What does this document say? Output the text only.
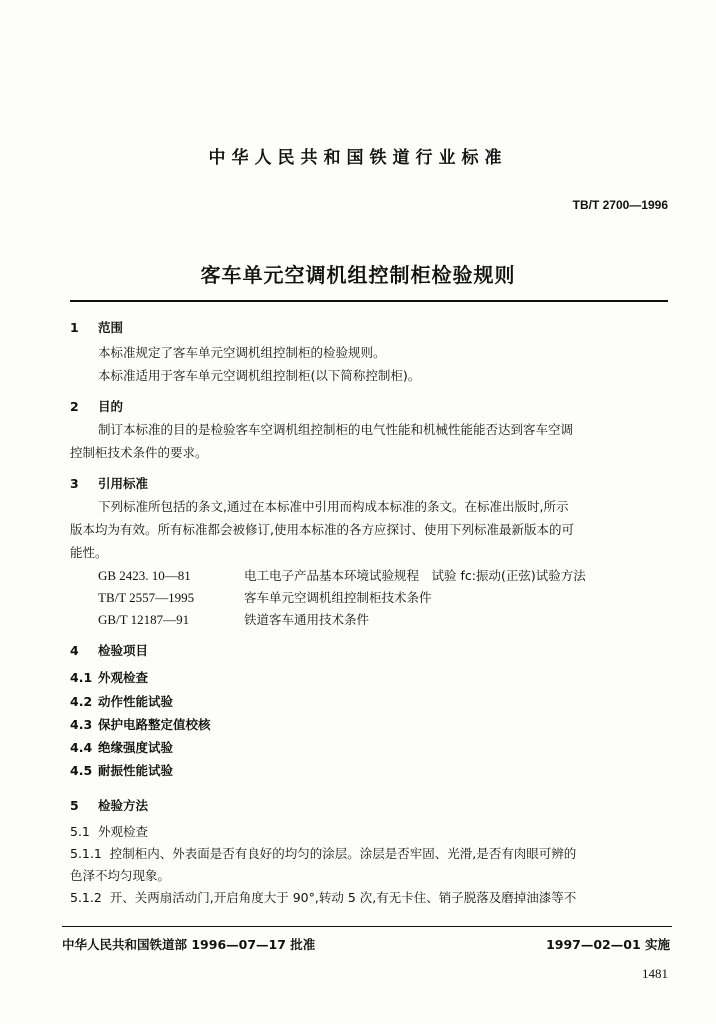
中华人民共和国铁道行业标准
TB/T 2700—1996
客车单元空调机组控制柜检验规则
1 范围
本标准规定了客车单元空调机组控制柜的检验规则。
本标准适用于客车单元空调机组控制柜(以下简称控制柜)。
2 目的
制订本标准的目的是检验客车空调机组控制柜的电气性能和机械性能能否达到客车空调
控制柜技术条件的要求。
3 引用标准
下列标准所包括的条文,通过在本标准中引用而构成本标准的条文。在标准出版时,所示
版本均为有效。所有标准都会被修订,使用本标准的各方应探讨、使用下列标准最新版本的可
能性。
GB 2423. 10—81	电工电子产品基本环境试验规程　试验 fc:振动(正弦)试验方法
TB/T 2557—1995	客车单元空调机组控制柜技术条件
GB/T 12187—91	铁道客车通用技术条件
4 检验项目
4.1 外观检查
4.2 动作性能试验
4.3 保护电路整定值校核
4.4 绝缘强度试验
4.5 耐振性能试验
5 检验方法
5.1 外观检查
5.1.1 控制柜内、外表面是否有良好的均匀的涂层。涂层是否牢固、光滑,是否有肉眼可辨的
色泽不均匀现象。
5.1.2 开、关两扇活动门,开启角度大于 90°,转动 5 次,有无卡住、销子脱落及磨掉油漆等不
中华人民共和国铁道部 1996—07—17 批准	1997—02—01 实施
1481
